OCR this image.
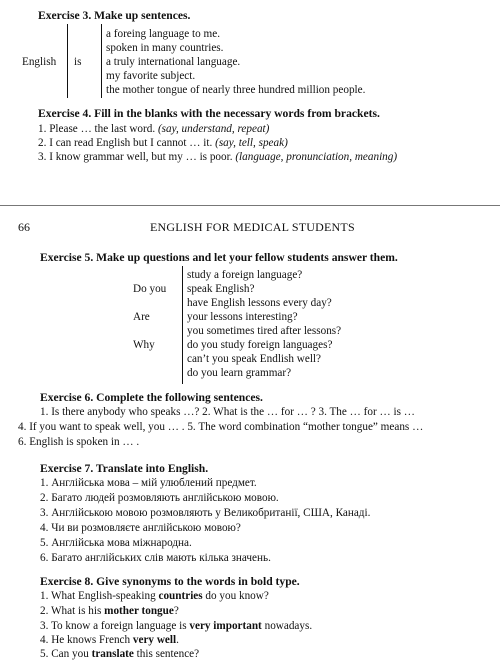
Exercise 3. Make up sentences.
English is
a foreing language to me.
spoken in many countries.
a truly international language.
my favorite subject.
the mother tongue of nearly three hundred million people.
Exercise 4. Fill in the blanks with the necessary words from brackets.
1. Please … the last word. (say, understand, repeat)
2. I can read English but I cannot … it. (say, tell, speak)
3. I know grammar well, but my … is poor. (language, pronunciation, meaning)
66	ENGLISH FOR MEDICAL STUDENTS
Exercise 5. Make up questions and let your fellow students answer them.
Do you
Are
Why
study a foreign language?
speak English?
have English lessons every day?
your lessons interesting?
you sometimes tired after lessons?
do you study foreign languages?
can’t you speak Endlish well?
do you learn grammar?
Exercise 6. Complete the following sentences.
1. Is there anybody who speaks …? 2. What is the … for … ? 3. The … for … is …
4. If you want to speak well, you … . 5. The word combination “mother tongue” means …
6. English is spoken in … .
Exercise 7. Translate into English.
1. Англійська мова – мій улюблений предмет.
2. Багато людей розмовляють англійською мовою.
3. Англійською мовою розмовляють у Великобританії, США, Канаді.
4. Чи ви розмовляєте англійською мовою?
5. Англійська мова міжнародна.
6. Багато англійських слів мають кілька значень.
Exercise 8. Give synonyms to the words in bold type.
1. What English-speaking countries do you know?
2. What is his mother tongue?
3. To know a foreign language is very important nowadays.
4. He knows French very well.
5. Can you translate this sentence?
